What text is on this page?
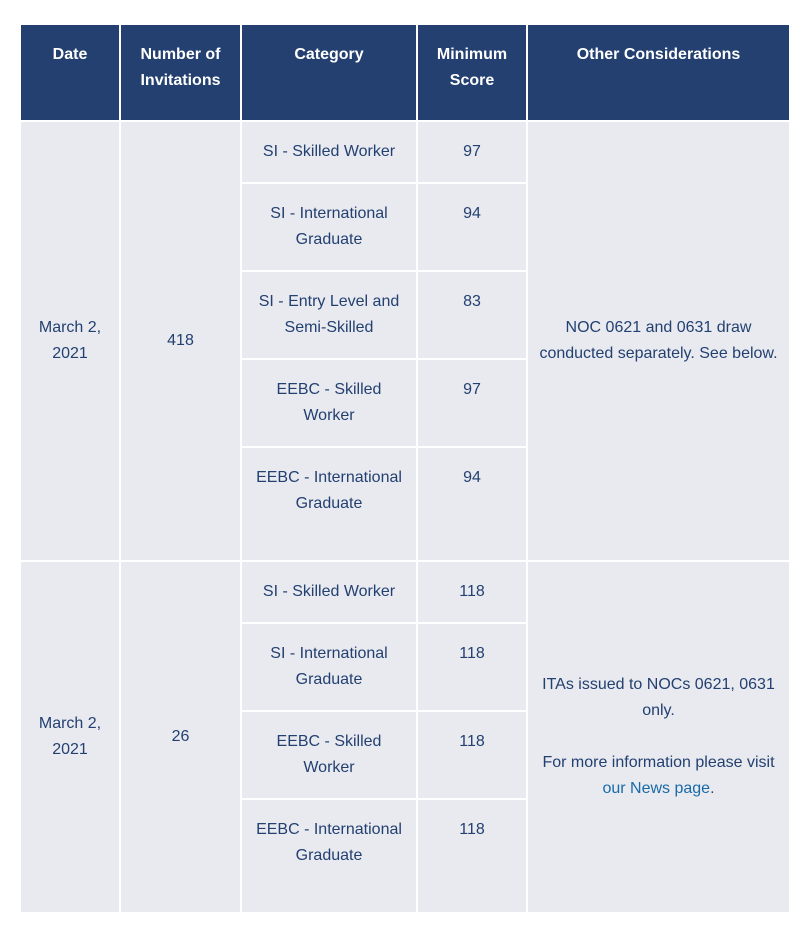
Date	Number of Invitations	Category	Minimum Score	Other Considerations
March 2, 2021	418	SI - Skilled Worker	97	NOC 0621 and 0631 draw conducted separately. See below.
		SI - International Graduate	94	
		SI - Entry Level and Semi-Skilled	83	
		EEBC - Skilled Worker	97	
		EEBC - International Graduate	94	
March 2, 2021	26	SI - Skilled Worker	118	ITAs issued to NOCs 0621, 0631 only.
For more information please visit our News page.
		SI - International Graduate	118	
		EEBC - Skilled Worker	118	
		EEBC - International Graduate	118	
